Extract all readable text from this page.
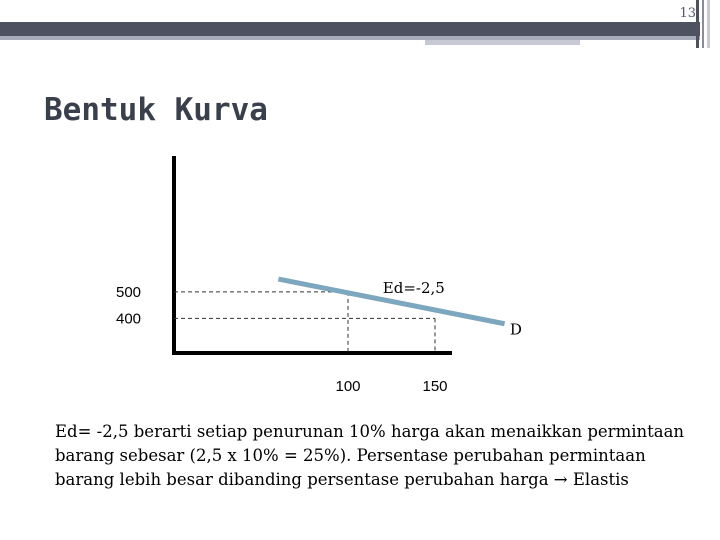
13
Bentuk Kurva
500
400
100	150
Ed=-2,5
D

Ed= -2,5 berarti setiap penurunan 10% harga akan menaikkan permintaan barang sebesar (2,5 x 10% = 25%). Persentase perubahan permintaan barang lebih besar dibanding persentase perubahan harga → Elastis
